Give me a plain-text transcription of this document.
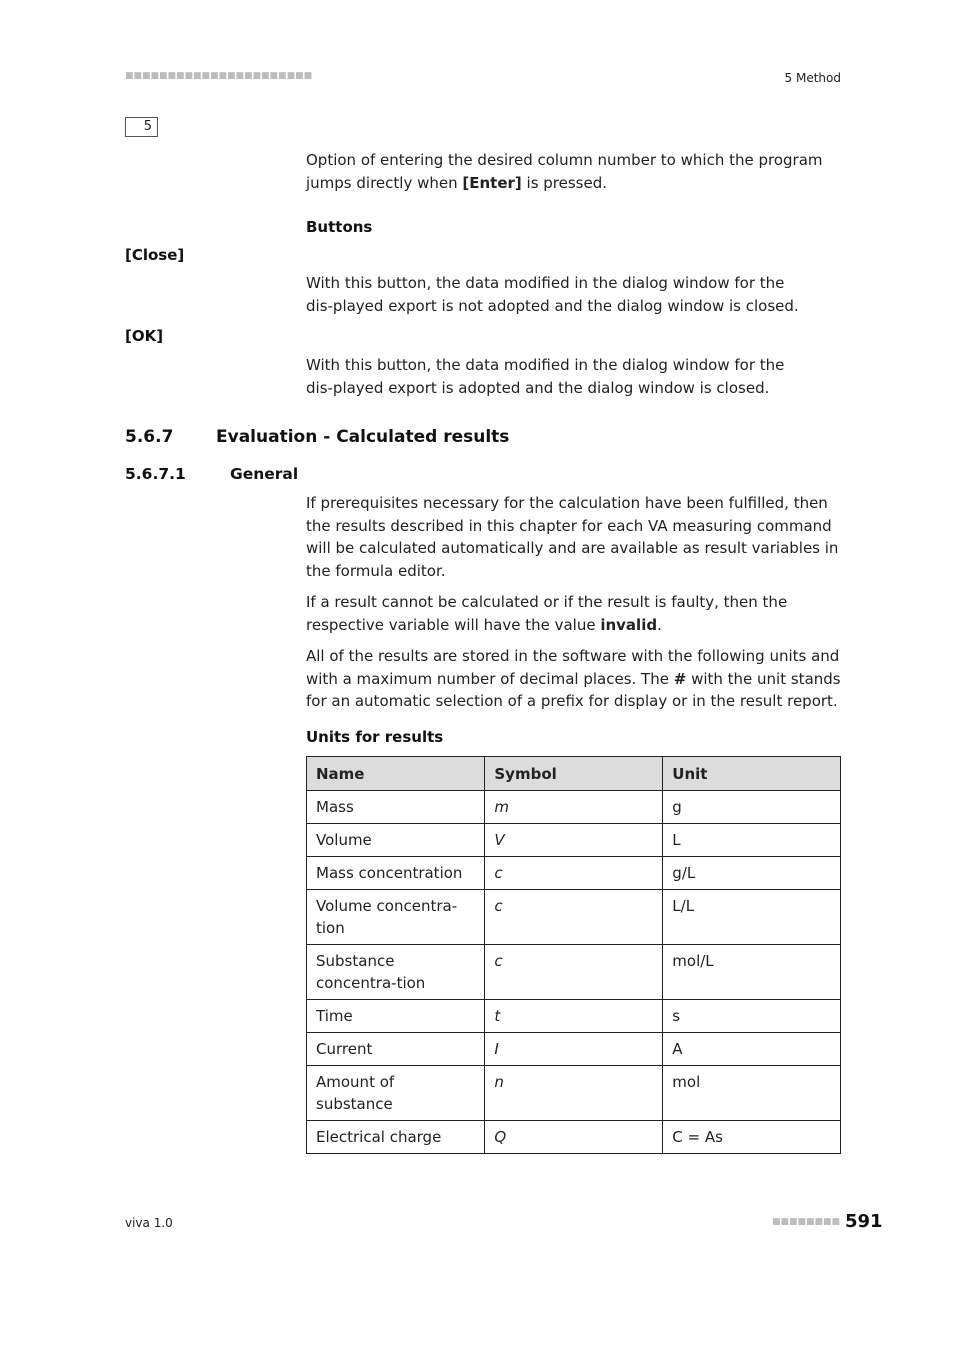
■■■■■■■■■■■■■■■■■■■■■■	5 Method
5

Option of entering the desired column number to which the program jumps directly when [Enter] is pressed.

Buttons
[Close]

With this button, the data modified in the dialog window for the dis-played export is not adopted and the dialog window is closed.

[OK]

With this button, the data modified in the dialog window for the dis-played export is adopted and the dialog window is closed.

5.6.7	Evaluation - Calculated results
5.6.7.1	General

If prerequisites necessary for the calculation have been fulfilled, then the results described in this chapter for each VA measuring command will be calculated automatically and are available as result variables in the formula editor.

If a result cannot be calculated or if the result is faulty, then the respective variable will have the value invalid.

All of the results are stored in the software with the following units and with a maximum number of decimal places. The # with the unit stands for an automatic selection of a prefix for display or in the result report.

Units for results
Name	Symbol	Unit
Mass	m	g
Volume	V	L
Mass concentration	c	g/L
Volume concentra-tion	c	L/L
Substance concentra-tion	c	mol/L
Time	t	s
Current	I	A
Amount of substance	n	mol
Electrical charge	Q	C = As
viva 1.0	■■■■■■■■ 591
